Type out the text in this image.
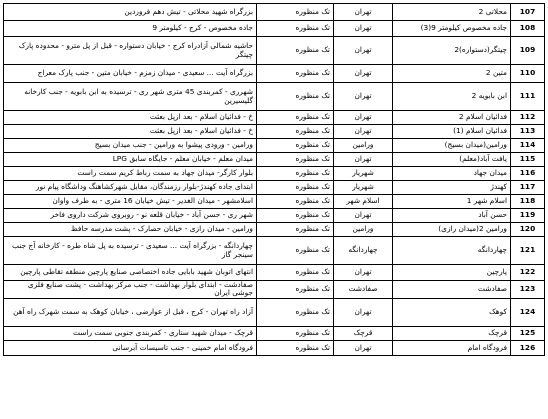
107	محلاتی 2	تهران	تک منظوره	بزرگراه شهید محلاتی - تیش دهم فروردین
108	جاده مخصوص کیلومتر 9(3)	تهران	تک منظوره	جاده مخصوص - کرج - کیلومتر 9
109	چیتگر(دستواره)2	تهران	تک منظوره	حاشیه شمالی آزادراه کرج - خیابان دستواره - قبل از پل مترو - محدوده پارک چیتگر
110	متین 2	تهران	تک منظوره	بزرگراه آیت ... سعیدی - میدان زمزم - خیابان متین - جنب پارک معراج
111	ابن بابویه 2	تهران	تک منظوره	شهرری - کمربندی 45 متری شهر ری - ترسیده به ابن بابویه - جنب کارخانه گلیسیرین
112	فدائیان اسلام 2	تهران	تک منظوره	خ - فدائیان اسلام - بعد ازپل بعثت
113	فدائیان اسلام (1)	تهران	تک منظوره	خ - فدائیان اسلام - بعد ازپل بعثت
114	ورامین(میدان بسیج)	ورامین	تک منظوره	ورامین - ورودی پیشوا به ورامین - جنب میدان بسیج
115	یافت آباد(معلم)	تهران	تک منظوره	میدان معلم - خیابان معلم - جایگاه سابق LPG
116	میدان جهاد	شهریار	تک منظوره	بلوار کارگر- میدان جهاد به سمت رباط کریم سمت راست
117	کهندژ	شهریار	تک منظوره	ابتدای جاده کهندژ-بلوار رزمندگان، مقابل شهرکشاهنگ وداشگاه پیام نور
118	اسلام شهر 1	اسلام شهر	تک منظوره	اسلامشهر - میدان الغدیر - تیش خیابان 16 متری - به طرف واوان
119	حسن آباد	تهران	تک منظوره	شهر ری - حسن آباد - خیابان قلعه نو - روبروی شرکت داروی فاخر
120	ورامین 2(میدان رازی)	ورامین	تک منظوره	ورامین - میدان رازی - خیابان حصارک - پشت مدرسه حافظ
121	چهاردانگه	چهاردانگه	تک منظوره	چهاردانگه - بزرگراه آیت ... سعیدی - ترسیده به پل شاه طره - کارخانه آج جنب سینجر گاز
122	پارچین	تهران	تک منظوره	انتهای اتوبان شهید بابایی جاده اختصاصی صنایع پارچین منطقه تقاطی پارچین
123	صفادشت	صفادشت	تک منظوره	صفادشت - ابتدای بلوار بهداشت - جنب مرکز بهداشت - پشت صنایع فلزی جوشی ایران
124	کوهک	تهران	تک منظوره	آزاد راه تهران - کرج ، قبل از عوارضی ، خیابان کوهک به سمت شهرک راه آهن
125	قرچک	قرچک	تک منظوره	قرچک - میدان شهید ستاری - کمربندی جنوبی سمت راست
126	فرودگاه امام	تهران	تک منظوره	فرودگاه امام خمینی - جنب تاسیسات آبرسانی
